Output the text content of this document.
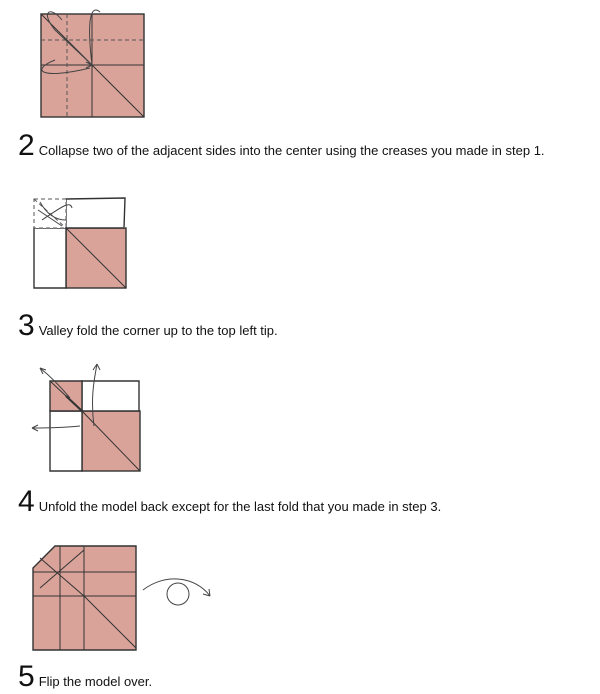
2 Collapse two of the adjacent sides into the center using the creases you made in step 1.
3 Valley fold the corner up to the top left tip.
4 Unfold the model back except for the last fold that you made in step 3.
5 Flip the model over.
